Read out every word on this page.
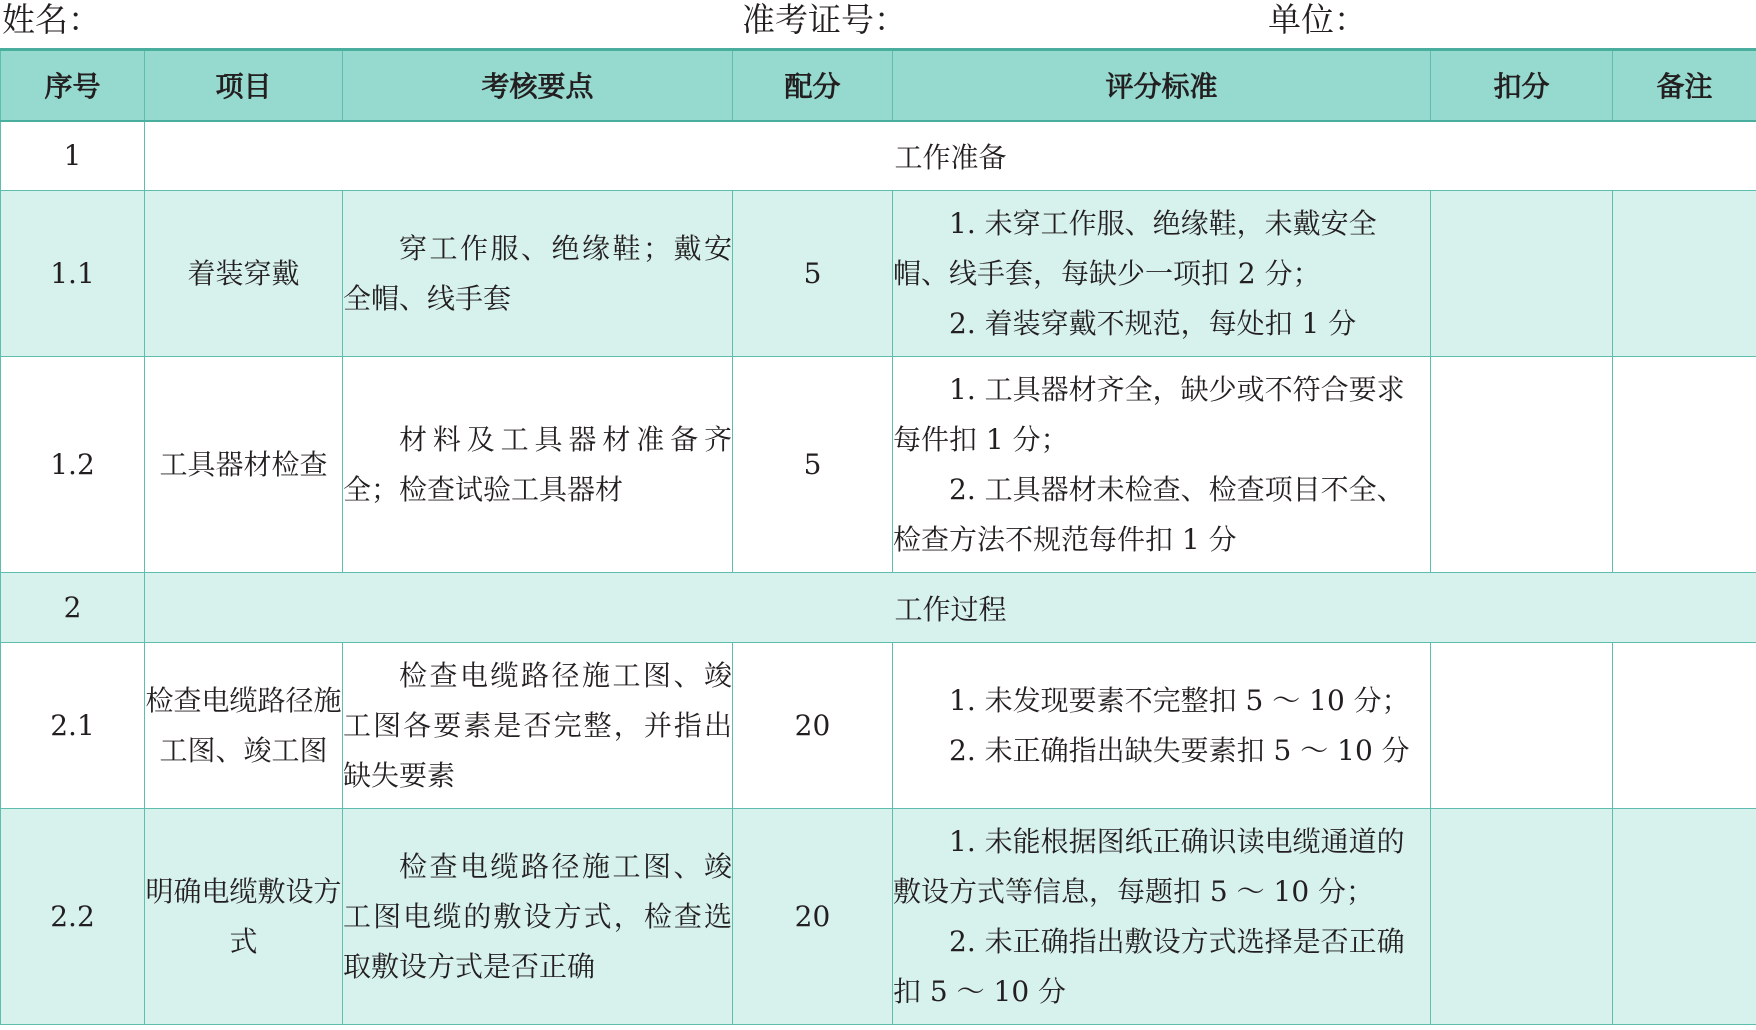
姓名：	准考证号：	单位：
序号	项目	考核要点	配分	评分标准	扣分	备注
1	工作准备					
1.1	着装穿戴	穿工作服、绝缘鞋；戴安全帽、线手套	5	1. 未穿工作服、绝缘鞋，未戴安全帽、线手套，每缺少一项扣 2 分；

2. 着装穿戴不规范，每处扣 1 分		

1.2	工具器材检查	材料及工具器材准备齐全；检查试验工具器材	5	1. 工具器材齐全，缺少或不符合要求每件扣 1 分；

2. 工具器材未检查、检查项目不全、检查方法不规范每件扣 1 分		

2	工作过程					
2.1	检查电缆路径施工图、竣工图	检查电缆路径施工图、竣工图各要素是否完整，并指出缺失要素	20	1. 未发现要素不完整扣 5 ～ 10 分；

2. 未正确指出缺失要素扣 5 ～ 10 分		

2.2	明确电缆敷设方式	检查电缆路径施工图、竣工图电缆的敷设方式，检查选取敷设方式是否正确	20	1. 未能根据图纸正确识读电缆通道的敷设方式等信息，每题扣 5 ～ 10 分；

2. 未正确指出敷设方式选择是否正确扣 5 ～ 10 分		
